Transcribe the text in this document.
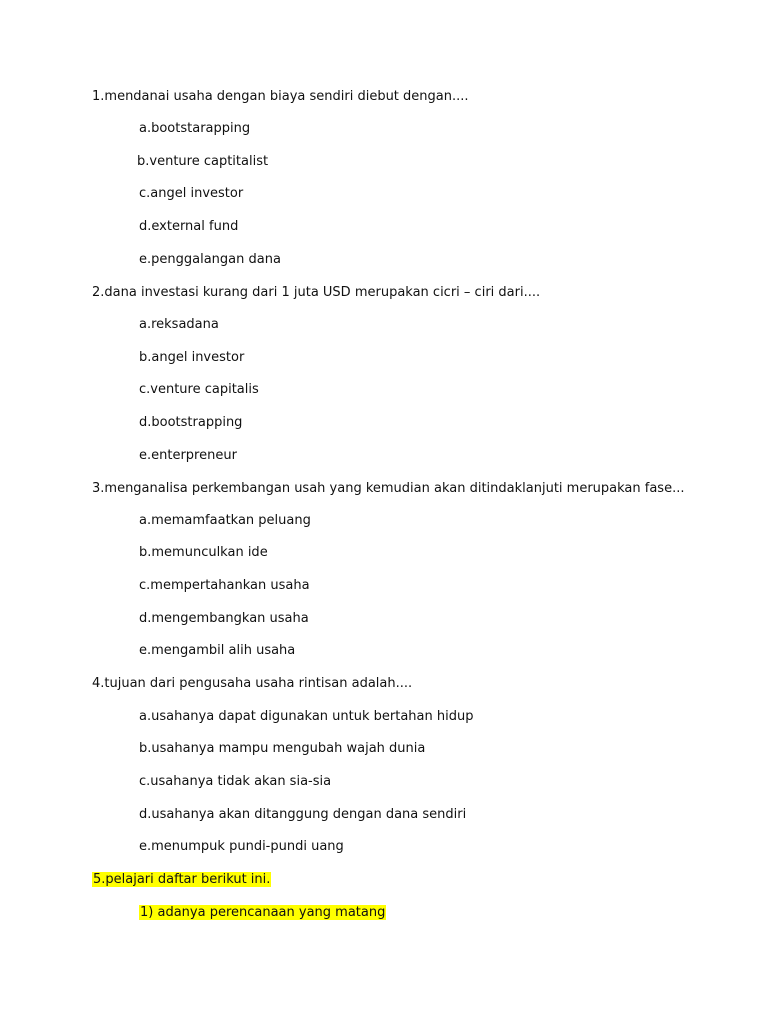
1.mendanai usaha dengan biaya sendiri diebut dengan....
a.bootstarapping
b.venture captitalist
c.angel investor
d.external fund
e.penggalangan dana
2.dana investasi kurang dari 1 juta USD merupakan cicri – ciri dari....
a.reksadana
b.angel investor
c.venture capitalis
d.bootstrapping
e.enterpreneur
3.menganalisa perkembangan usah yang kemudian akan ditindaklanjuti merupakan fase...
a.memamfaatkan peluang
b.memunculkan ide
c.mempertahankan usaha
d.mengembangkan usaha
e.mengambil alih usaha
4.tujuan dari pengusaha usaha rintisan adalah....
a.usahanya dapat digunakan untuk bertahan hidup
b.usahanya mampu mengubah wajah dunia
c.usahanya tidak akan sia-sia
d.usahanya akan ditanggung dengan dana sendiri
e.menumpuk pundi-pundi uang
5.pelajari daftar berikut ini.
1) adanya perencanaan yang matang
